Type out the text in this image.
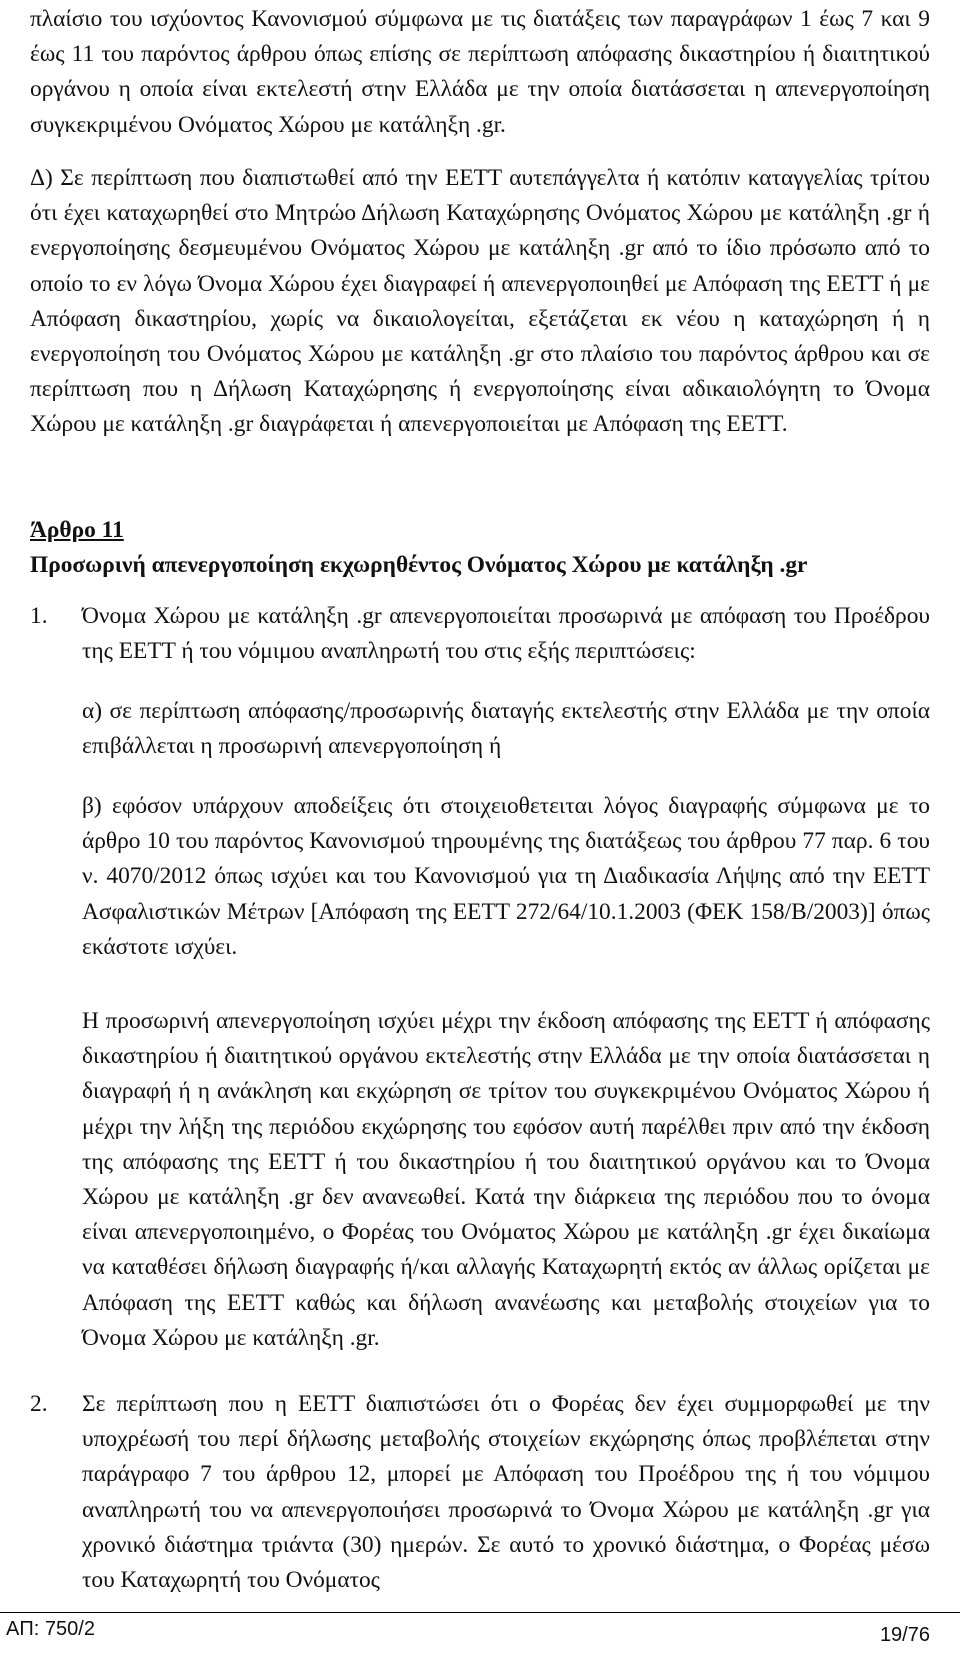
πλαίσιο του ισχύοντος Κανονισμού σύμφωνα με τις διατάξεις των παραγράφων 1 έως 7 και 9 έως 11 του παρόντος άρθρου όπως επίσης σε περίπτωση απόφασης δικαστηρίου ή διαιτητικού οργάνου η οποία είναι εκτελεστή στην Ελλάδα με την οποία διατάσσεται η απενεργοποίηση συγκεκριμένου Ονόματος Χώρου με κατάληξη .gr.

Δ) Σε περίπτωση που διαπιστωθεί από την ΕΕΤΤ αυτεπάγγελτα ή κατόπιν καταγγελίας τρίτου ότι έχει καταχωρηθεί στο Μητρώο Δήλωση Καταχώρησης Ονόματος Χώρου με κατάληξη .gr ή ενεργοποίησης δεσμευμένου Ονόματος Χώρου με κατάληξη .gr από το ίδιο πρόσωπο από το οποίο το εν λόγω Όνομα Χώρου έχει διαγραφεί ή απενεργοποιηθεί με Απόφαση της ΕΕΤΤ ή με Απόφαση δικαστηρίου, χωρίς να δικαιολογείται, εξετάζεται εκ νέου η καταχώρηση ή η ενεργοποίηση του Ονόματος Χώρου με κατάληξη .gr στο πλαίσιο του παρόντος άρθρου και σε περίπτωση που η Δήλωση Καταχώρησης ή ενεργοποίησης είναι αδικαιολόγητη το Όνομα Χώρου με κατάληξη .gr διαγράφεται ή απενεργοποιείται με Απόφαση της ΕΕΤΤ.

Άρθρο 11
Προσωρινή απενεργοποίηση εκχωρηθέντος Ονόματος Χώρου με κατάληξη .gr

1. Όνομα Χώρου με κατάληξη .gr απενεργοποιείται προσωρινά με απόφαση του Προέδρου της ΕΕΤΤ ή του νόμιμου αναπληρωτή του στις εξής περιπτώσεις:

α) σε περίπτωση απόφασης/προσωρινής διαταγής εκτελεστής στην Ελλάδα με την οποία επιβάλλεται η προσωρινή απενεργοποίηση ή

β) εφόσον υπάρχουν αποδείξεις ότι στοιχειοθετειται λόγος διαγραφής σύμφωνα με το άρθρο 10 του παρόντος Κανονισμού τηρουμένης της διατάξεως του άρθρου 77 παρ. 6 του ν. 4070/2012 όπως ισχύει και του Κανονισμού για τη Διαδικασία Λήψης από την ΕΕΤΤ Ασφαλιστικών Μέτρων [Απόφαση της ΕΕΤΤ 272/64/10.1.2003 (ΦΕΚ 158/Β/2003)] όπως εκάστοτε ισχύει.

Η προσωρινή απενεργοποίηση ισχύει μέχρι την έκδοση απόφασης της ΕΕΤΤ ή απόφασης δικαστηρίου ή διαιτητικού οργάνου εκτελεστής στην Ελλάδα με την οποία διατάσσεται η διαγραφή ή η ανάκληση και εκχώρηση σε τρίτον του συγκεκριμένου Ονόματος Χώρου ή μέχρι την λήξη της περιόδου εκχώρησης του εφόσον αυτή παρέλθει πριν από την έκδοση της απόφασης της ΕΕΤΤ ή του δικαστηρίου ή του διαιτητικού οργάνου και το Όνομα Χώρου με κατάληξη .gr δεν ανανεωθεί. Κατά την διάρκεια της περιόδου που το όνομα είναι απενεργοποιημένο, ο Φορέας του Ονόματος Χώρου με κατάληξη .gr έχει δικαίωμα να καταθέσει δήλωση διαγραφής ή/και αλλαγής Καταχωρητή εκτός αν άλλως ορίζεται με Απόφαση της ΕΕΤΤ καθώς και δήλωση ανανέωσης και μεταβολής στοιχείων για το Όνομα Χώρου με κατάληξη .gr.

2. Σε περίπτωση που η ΕΕΤΤ διαπιστώσει ότι ο Φορέας δεν έχει συμμορφωθεί με την υποχρέωσή του περί δήλωσης μεταβολής στοιχείων εκχώρησης όπως προβλέπεται στην παράγραφο 7 του άρθρου 12, μπορεί με Απόφαση του Προέδρου της ή του νόμιμου αναπληρωτή του να απενεργοποιήσει προσωρινά το Όνομα Χώρου με κατάληξη .gr για χρονικό διάστημα τριάντα (30) ημερών. Σε αυτό το χρονικό διάστημα, ο Φορέας μέσω του Καταχωρητή του Ονόματος

ΑΠ: 750/2	19/76
